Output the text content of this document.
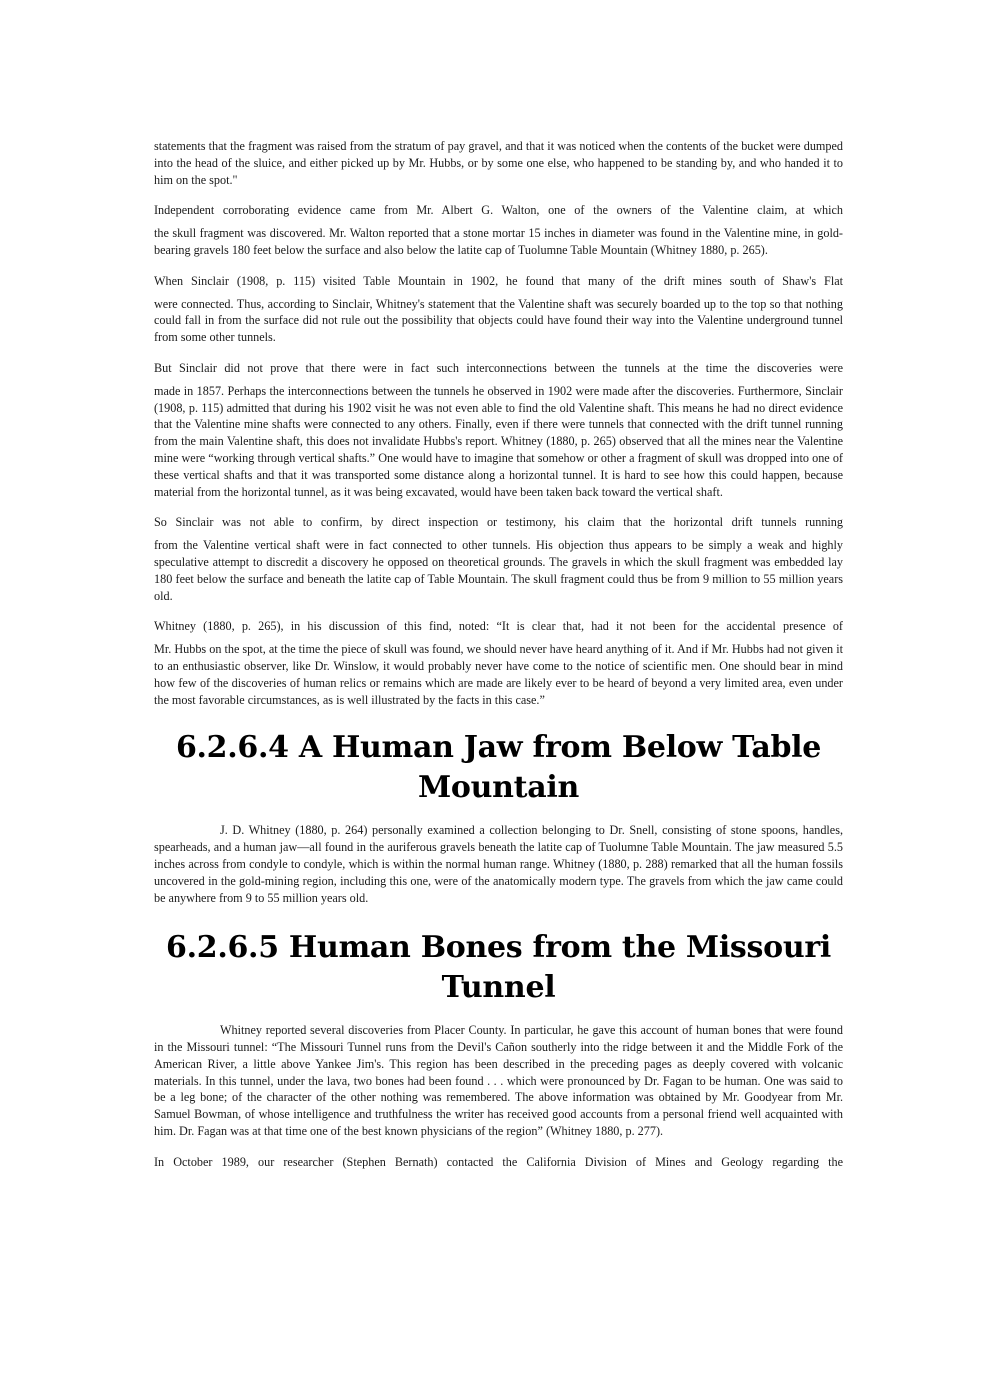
statements that the fragment was raised from the stratum of pay gravel, and that it was noticed when the contents of the bucket were dumped into the head of the sluice, and either picked up by Mr. Hubbs, or by some one else, who happened to be standing by, and who handed it to him on the spot."

Independent corroborating evidence came from Mr. Albert G. Walton, one of the owners of the Valentine claim, at which
the skull fragment was discovered. Mr. Walton reported that a stone mortar 15 inches in diameter was found in the Valentine mine, in gold-bearing gravels 180 feet below the surface and also below the latite cap of Tuolumne Table Mountain (Whitney 1880, p. 265).

When Sinclair (1908, p. 115) visited Table Mountain in 1902, he found that many of the drift mines south of Shaw's Flat
were connected. Thus, according to Sinclair, Whitney's statement that the Valentine shaft was securely boarded up to the top so that nothing could fall in from the surface did not rule out the possibility that objects could have found their way into the Valentine underground tunnel from some other tunnels.

But Sinclair did not prove that there were in fact such interconnections between the tunnels at the time the discoveries were
made in 1857. Perhaps the interconnections between the tunnels he observed in 1902 were made after the discoveries. Furthermore, Sinclair (1908, p. 115) admitted that during his 1902 visit he was not even able to find the old Valentine shaft. This means he had no direct evidence that the Valentine mine shafts were connected to any others. Finally, even if there were tunnels that connected with the drift tunnel running from the main Valentine shaft, this does not invalidate Hubbs's report. Whitney (1880, p. 265) observed that all the mines near the Valentine mine were “working through vertical shafts.” One would have to imagine that somehow or other a fragment of skull was dropped into one of these vertical shafts and that it was transported some distance along a horizontal tunnel. It is hard to see how this could happen, because material from the horizontal tunnel, as it was being excavated, would have been taken back toward the vertical shaft.

So Sinclair was not able to confirm, by direct inspection or testimony, his claim that the horizontal drift tunnels running
from the Valentine vertical shaft were in fact connected to other tunnels. His objection thus appears to be simply a weak and highly speculative attempt to discredit a discovery he opposed on theoretical grounds. The gravels in which the skull fragment was embedded lay 180 feet below the surface and beneath the latite cap of Table Mountain. The skull fragment could thus be from 9 million to 55 million years old.

Whitney (1880, p. 265), in his discussion of this find, noted: “It is clear that, had it not been for the accidental presence of
Mr. Hubbs on the spot, at the time the piece of skull was found, we should never have heard anything of it. And if Mr. Hubbs had not given it to an enthusiastic observer, like Dr. Winslow, it would probably never have come to the notice of scientific men. One should bear in mind how few of the discoveries of human relics or remains which are made are likely ever to be heard of beyond a very limited area, even under the most favorable circumstances, as is well illustrated by the facts in this case.”

6.2.6.4 A Human Jaw from Below Table Mountain

J. D. Whitney (1880, p. 264) personally examined a collection belonging to Dr. Snell, consisting of stone spoons, handles, spearheads, and a human jaw—all found in the auriferous gravels beneath the latite cap of Tuolumne Table Mountain. The jaw measured 5.5 inches across from condyle to condyle, which is within the normal human range. Whitney (1880, p. 288) remarked that all the human fossils uncovered in the gold-mining region, including this one, were of the anatomically modern type. The gravels from which the jaw came could be anywhere from 9 to 55 million years old.

6.2.6.5 Human Bones from the Missouri Tunnel

Whitney reported several discoveries from Placer County. In particular, he gave this account of human bones that were found in the Missouri tunnel: “The Missouri Tunnel runs from the Devil's Cañon southerly into the ridge between it and the Middle Fork of the American River, a little above Yankee Jim's. This region has been described in the preceding pages as deeply covered with volcanic materials. In this tunnel, under the lava, two bones had been found . . . which were pronounced by Dr. Fagan to be human. One was said to be a leg bone; of the character of the other nothing was remembered. The above information was obtained by Mr. Goodyear from Mr. Samuel Bowman, of whose intelligence and truthfulness the writer has received good accounts from a personal friend well acquainted with him. Dr. Fagan was at that time one of the best known physicians of the region” (Whitney 1880, p. 277).

In October 1989, our researcher (Stephen Bernath) contacted the California Division of Mines and Geology regarding the
